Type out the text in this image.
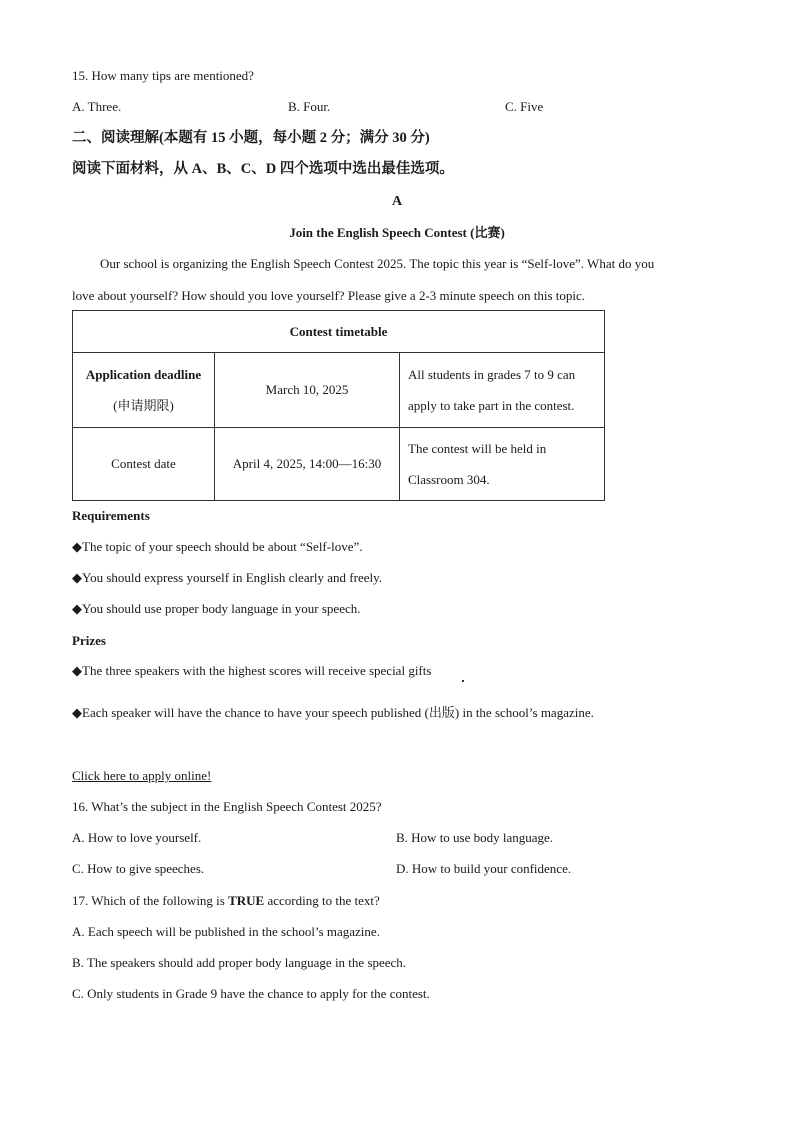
15. How many tips are mentioned?
A. Three.	B. Four.	C. Five
二、阅读理解(本题有 15 小题，每小题 2 分；满分 30 分)
阅读下面材料，从 A、B、C、D 四个选项中选出最佳选项。
A
Join the English Speech Contest (比赛)
Our school is organizing the English Speech Contest 2025. The topic this year is “Self-love”. What do you
love about yourself? How should you love yourself? Please give a 2-3 minute speech on this topic.
Contest timetable		
Application deadline
(申请期限)	March 10, 2025	All students in grades 7 to 9 can
apply to take part in the contest.
Contest date	April 4, 2025, 14:00—16:30	The contest will be held in
Classroom 304.
Requirements
◆The topic of your speech should be about “Self-love”.
◆You should express yourself in English clearly and freely.
◆You should use proper body language in your speech.
Prizes
◆The three speakers with the highest scores will receive special gifts
◆Each speaker will have the chance to have your speech published (出版) in the school’s magazine.
Click here to apply online!
16. What’s the subject in the English Speech Contest 2025?
A. How to love yourself.	B. How to use body language.
C. How to give speeches.	D. How to build your confidence.
17. Which of the following is TRUE according to the text?
A. Each speech will be published in the school’s magazine.
B. The speakers should add proper body language in the speech.
C. Only students in Grade 9 have the chance to apply for the contest.
